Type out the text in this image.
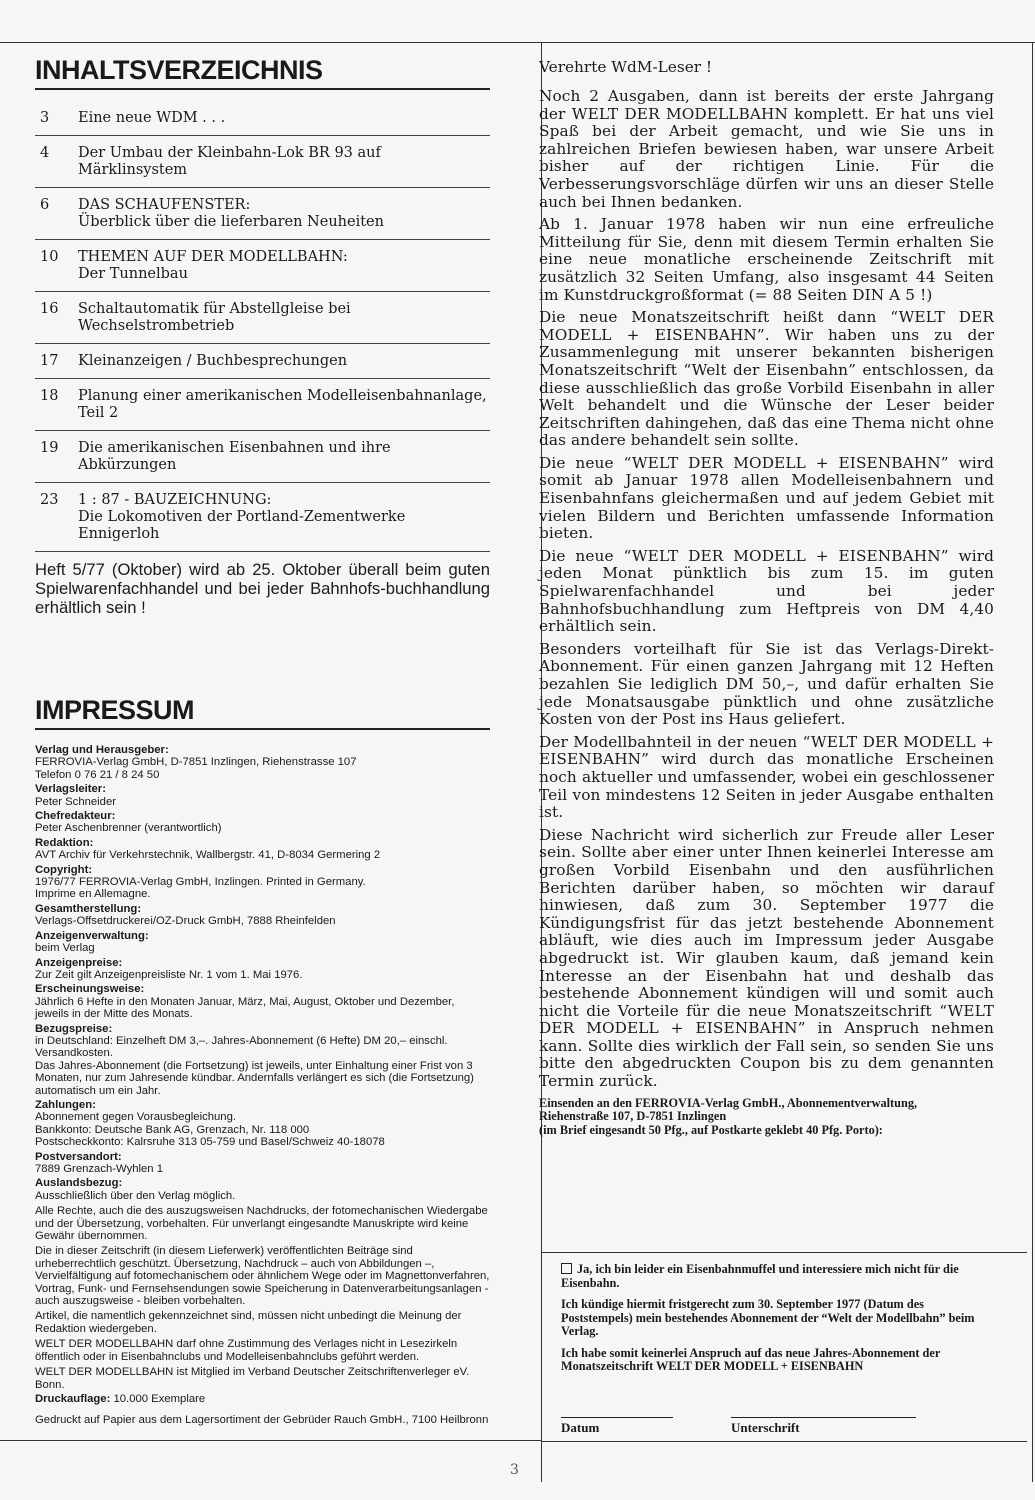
INHALTSVERZEICHNIS
3	Eine neue WDM . . .
4	Der Umbau der Kleinbahn-Lok BR 93 auf Märklinsystem
6	DAS SCHAUFENSTER:
Überblick über die lieferbaren Neuheiten
10	THEMEN AUF DER MODELLBAHN:
Der Tunnelbau
16	Schaltautomatik für Abstellgleise bei Wechselstrombetrieb
17	Kleinanzeigen / Buchbesprechungen
18	Planung einer amerikanischen Modelleisenbahnanlage,
Teil 2
19	Die amerikanischen Eisenbahnen und ihre Abkürzungen
23	1 : 87 - BAUZEICHNUNG:
Die Lokomotiven der Portland-Zementwerke Ennigerloh
Heft 5/77 (Oktober) wird ab 25. Oktober überall beim guten Spielwarenfachhandel und bei jeder Bahnhofs-buchhandlung erhältlich sein !
IMPRESSUM
Verlag und Herausgeber:
FERROVIA-Verlag GmbH, D-7851 Inzlingen, Riehenstrasse 107
Telefon 0 76 21 / 8 24 50
Verlagsleiter:
Peter Schneider
Chefredakteur:
Peter Aschenbrenner (verantwortlich)
Redaktion:
AVT Archiv für Verkehrstechnik, Wallbergstr. 41, D-8034 Germering 2
Copyright:
1976/77 FERROVIA-Verlag GmbH, Inzlingen. Printed in Germany.
Imprime en Allemagne.
Gesamtherstellung:
Verlags-Offsetdruckerei/OZ-Druck GmbH, 7888 Rheinfelden
Anzeigenverwaltung:
beim Verlag
Anzeigenpreise:
Zur Zeit gilt Anzeigenpreisliste Nr. 1 vom 1. Mai 1976.
Erscheinungsweise:
Jährlich 6 Hefte in den Monaten Januar, März, Mai, August, Oktober und Dezember, jeweils in der Mitte des Monats.
Bezugspreise:
in Deutschland: Einzelheft DM 3,–. Jahres-Abonnement (6 Hefte) DM 20,– einschl. Versandkosten.
Das Jahres-Abonnement (die Fortsetzung) ist jeweils, unter Einhaltung einer Frist von 3 Monaten, nur zum Jahresende kündbar. Andernfalls verlängert es sich (die Fortsetzung) automatisch um ein Jahr.
Zahlungen:
Abonnement gegen Vorausbegleichung.
Bankkonto: Deutsche Bank AG, Grenzach, Nr. 118 000
Postscheckkonto: Kalrsruhe 313 05-759 und Basel/Schweiz 40-18078
Postversandort:
7889 Grenzach-Wyhlen 1
Auslandsbezug:
Ausschließlich über den Verlag möglich.
Alle Rechte, auch die des auszugsweisen Nachdrucks, der fotomechanischen Wiedergabe und der Übersetzung, vorbehalten. Für unverlangt eingesandte Manuskripte wird keine Gewähr übernommen.
Die in dieser Zeitschrift (in diesem Lieferwerk) veröffentlichten Beiträge sind urheberrechtlich geschützt. Übersetzung, Nachdruck – auch von Abbildungen –, Vervielfältigung auf fotomechanischem oder ähnlichem Wege oder im Magnettonverfahren, Vortrag, Funk- und Fernsehsendungen sowie Speicherung in Datenverarbeitungsanlagen - auch auszugsweise - bleiben vorbehalten.
Artikel, die namentlich gekennzeichnet sind, müssen nicht unbedingt die Meinung der Redaktion wiedergeben.
WELT DER MODELLBAHN darf ohne Zustimmung des Verlages nicht in Lesezirkeln öffentlich oder in Eisenbahnclubs und Modelleisenbahnclubs geführt werden.
WELT DER MODELLBAHN ist Mitglied im Verband Deutscher Zeitschriftenverleger eV. Bonn.
Druckauflage: 10.000 Exemplare
Gedruckt auf Papier aus dem Lagersortiment der Gebrüder Rauch GmbH., 7100 Heilbronn

Verehrte WdM-Leser !

Noch 2 Ausgaben, dann ist bereits der erste Jahrgang der WELT DER MODELLBAHN komplett. Er hat uns viel Spaß bei der Arbeit gemacht, und wie Sie uns in zahlreichen Briefen bewiesen haben, war unsere Arbeit bisher auf der richtigen Linie. Für die Verbesserungsvorschläge dürfen wir uns an dieser Stelle auch bei Ihnen bedanken.

Ab 1. Januar 1978 haben wir nun eine erfreuliche Mitteilung für Sie, denn mit diesem Termin erhalten Sie eine neue monatliche erscheinende Zeitschrift mit zusätzlich 32 Seiten Umfang, also insgesamt 44 Seiten im Kunstdruckgroßformat (= 88 Seiten DIN A 5 !)

Die neue Monatszeitschrift heißt dann “WELT DER MODELL + EISENBAHN”. Wir haben uns zu der Zusammenlegung mit unserer bekannten bisherigen Monatszeitschrift “Welt der Eisenbahn” entschlossen, da diese ausschließlich das große Vorbild Eisenbahn in aller Welt behandelt und die Wünsche der Leser beider Zeitschriften dahingehen, daß das eine Thema nicht ohne das andere behandelt sein sollte.

Die neue “WELT DER MODELL + EISENBAHN” wird somit ab Januar 1978 allen Modelleisenbahnern und Eisenbahnfans gleichermaßen und auf jedem Gebiet mit vielen Bildern und Berichten umfassende Information bieten.

Die neue “WELT DER MODELL + EISENBAHN” wird jeden Monat pünktlich bis zum 15. im guten Spielwarenfachhandel und bei jeder Bahnhofsbuchhandlung zum Heftpreis von DM 4,40 erhältlich sein.

Besonders vorteilhaft für Sie ist das Verlags-Direkt-Abonnement. Für einen ganzen Jahrgang mit 12 Heften bezahlen Sie lediglich DM 50,–, und dafür erhalten Sie jede Monatsausgabe pünktlich und ohne zusätzliche Kosten von der Post ins Haus geliefert.

Der Modellbahnteil in der neuen “WELT DER MODELL + EISENBAHN” wird durch das monatliche Erscheinen noch aktueller und umfassender, wobei ein geschlossener Teil von mindestens 12 Seiten in jeder Ausgabe enthalten ist.

Diese Nachricht wird sicherlich zur Freude aller Leser sein. Sollte aber einer unter Ihnen keinerlei Interesse am großen Vorbild Eisenbahn und den ausführlichen Berichten darüber haben, so möchten wir darauf hinwiesen, daß zum 30. September 1977 die Kündigungsfrist für das jetzt bestehende Abonnement abläuft, wie dies auch im Impressum jeder Ausgabe abgedruckt ist. Wir glauben kaum, daß jemand kein Interesse an der Eisenbahn hat und deshalb das bestehende Abonnement kündigen will und somit auch nicht die Vorteile für die neue Monatszeitschrift “WELT DER MODELL + EISENBAHN” in Anspruch nehmen kann. Sollte dies wirklich der Fall sein, so senden Sie uns bitte den abgedruckten Coupon bis zu dem genannten Termin zurück.

Einsenden an den FERROVIA-Verlag GmbH., Abonnementverwaltung,
Riehenstraße 107, D-7851 Inzlingen
(im Brief eingesandt 50 Pfg., auf Postkarte geklebt 40 Pfg. Porto):

Ja, ich bin leider ein Eisenbahnmuffel und interessiere mich nicht für die Eisenbahn.

Ich kündige hiermit fristgerecht zum 30. September 1977 (Datum des Poststempels) mein bestehendes Abonnement der “Welt der Modellbahn” beim Verlag.

Ich habe somit keinerlei Anspruch auf das neue Jahres-Abonnement der Monatszeitschrift WELT DER MODELL + EISENBAHN

Datum	Unterschrift
3
